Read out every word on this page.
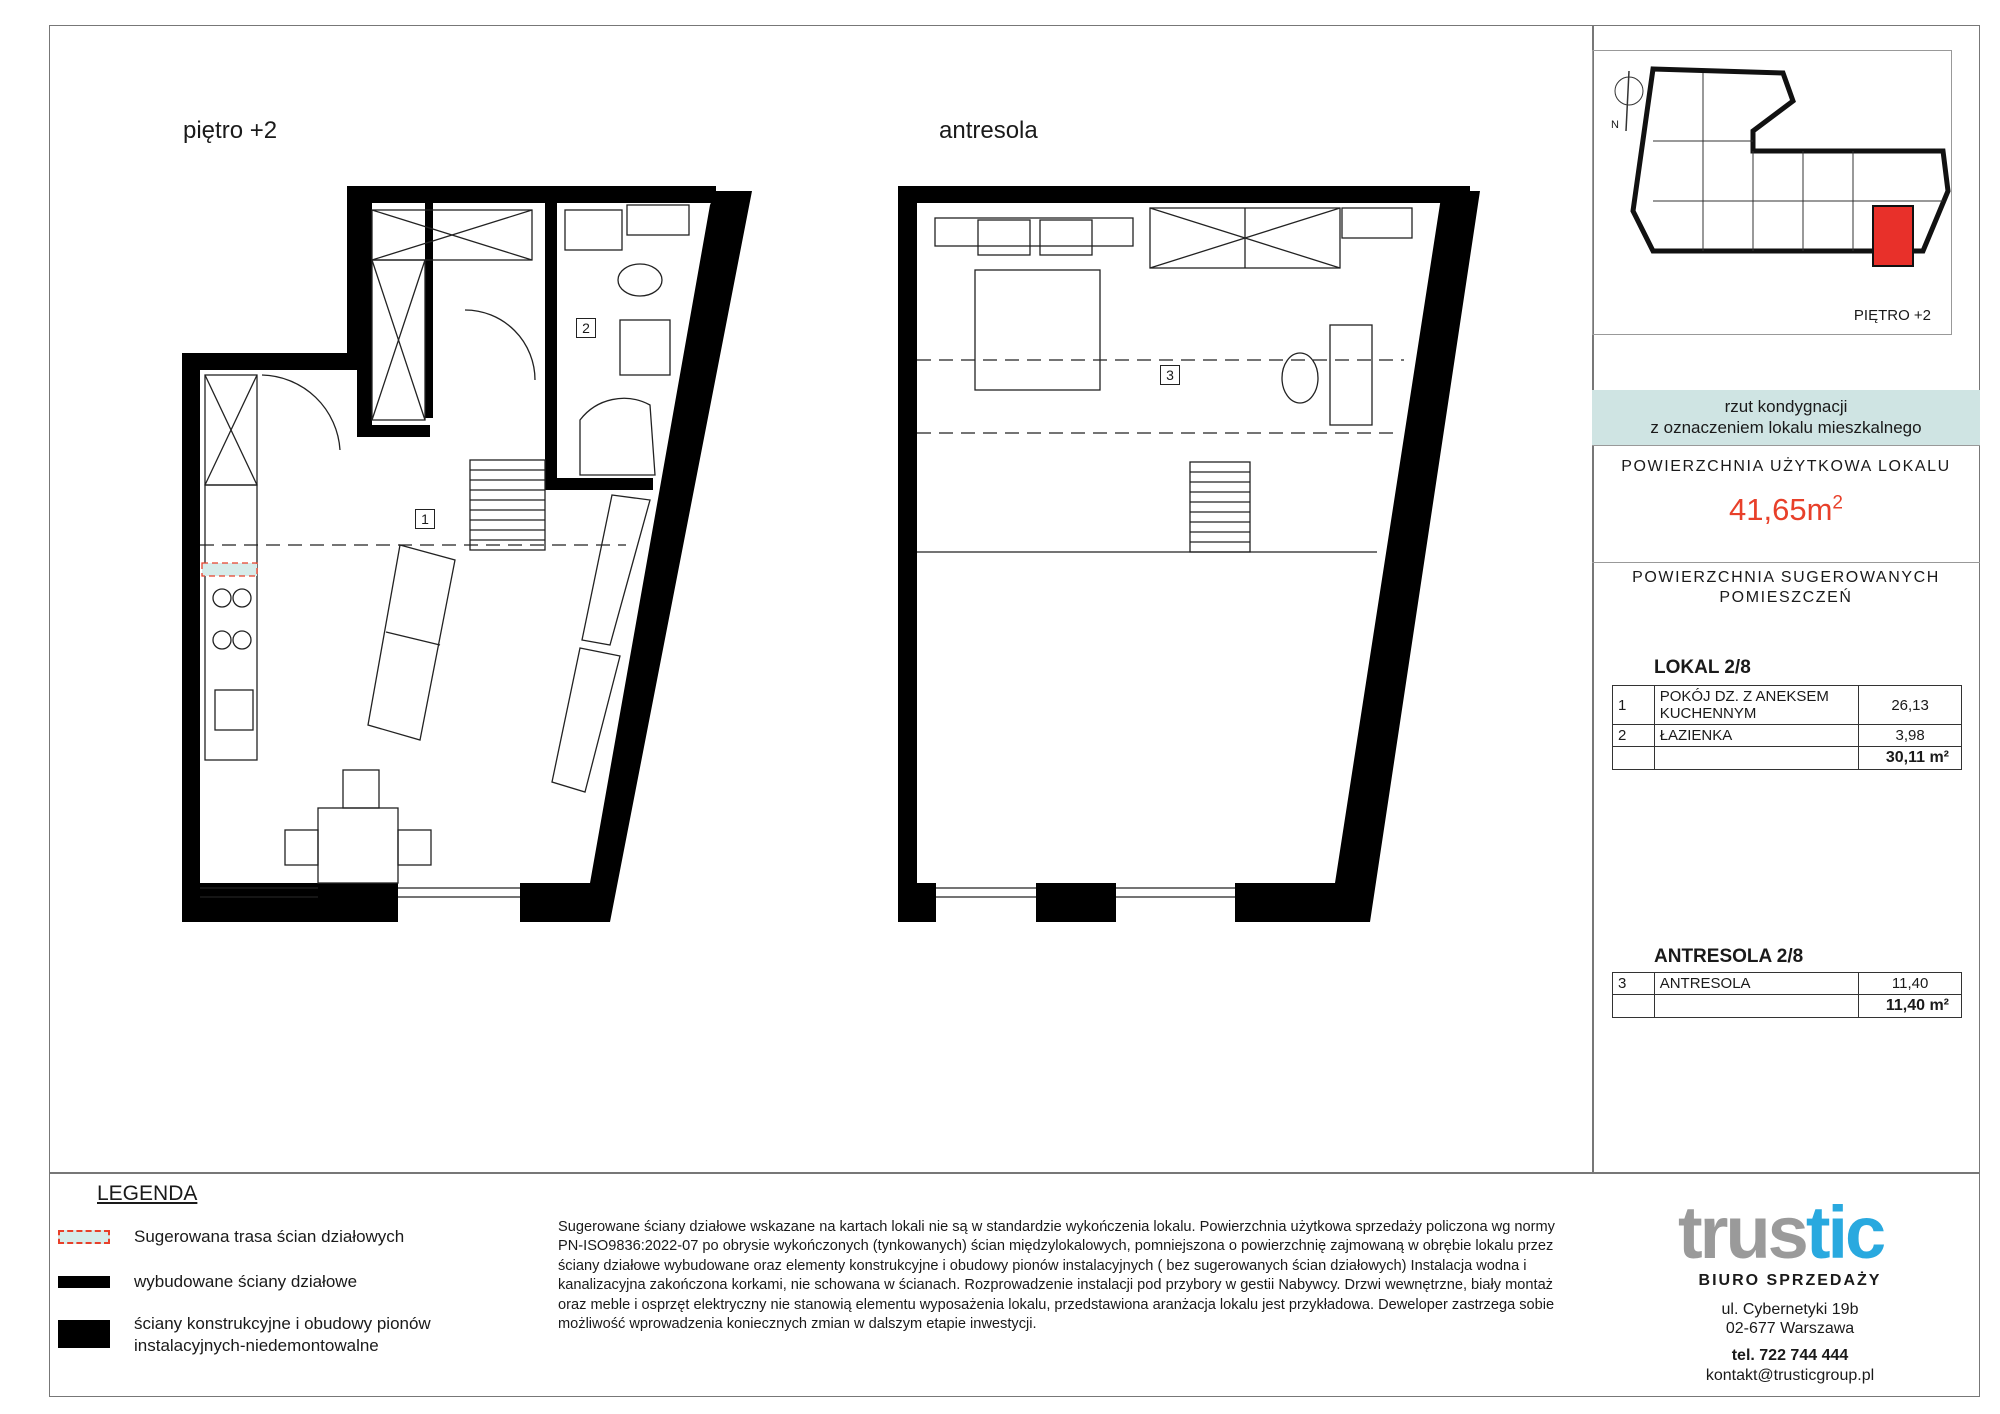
piętro +2	antresola
1
2
3
N
PIĘTRO +2
rzut kondygnacji
z oznaczeniem lokalu mieszkalnego
POWIERZCHNIA UŻYTKOWA LOKALU
$41,65m^2$
POWIERZCHNIA SUGEROWANYCH
POMIESZCZEŃ
LOKAL 2/8
1	POKÓJ DZ. Z ANEKSEM KUCHENNYM	26,13
2	ŁAZIENKA	3,98
		30,11 m²
ANTRESOLA 2/8
3	ANTRESOLA	11,40
		11,40 m²
LEGENDA
Sugerowana trasa ścian działowych
wybudowane ściany działowe
ściany konstrukcyjne i obudowy pionów instalacyjnych-niedemontowalne
Sugerowane ściany działowe wskazane na kartach lokali nie są w standardzie wykończenia lokalu. Powierzchnia użytkowa sprzedaży policzona wg normy PN-ISO9836:2022-07 po obrysie wykończonych (tynkowanych) ścian międzylokalowych, pomniejszona o powierzchnię zajmowaną w obrębie lokalu przez ściany działowe wybudowane oraz elementy konstrukcyjne i obudowy pionów instalacyjnych ( bez sugerowanych ścian działowych) Instalacja wodna i kanalizacyjna zakończona korkami, nie schowana w ścianach. Rozprowadzenie instalacji pod przybory w gestii Nabywcy. Drzwi wewnętrzne, biały montaż oraz meble i osprzęt elektryczny nie stanowią elementu wyposażenia lokalu, przedstawiona aranżacja lokalu jest przykładowa. Deweloper zastrzega sobie możliwość wprowadzenia koniecznych zmian w dalszym etapie inwestycji.
trustic
BIURO SPRZEDAŻY
ul. Cybernetyki 19b
02-677 Warszawa
tel. 722 744 444
kontakt@trusticgroup.pl
